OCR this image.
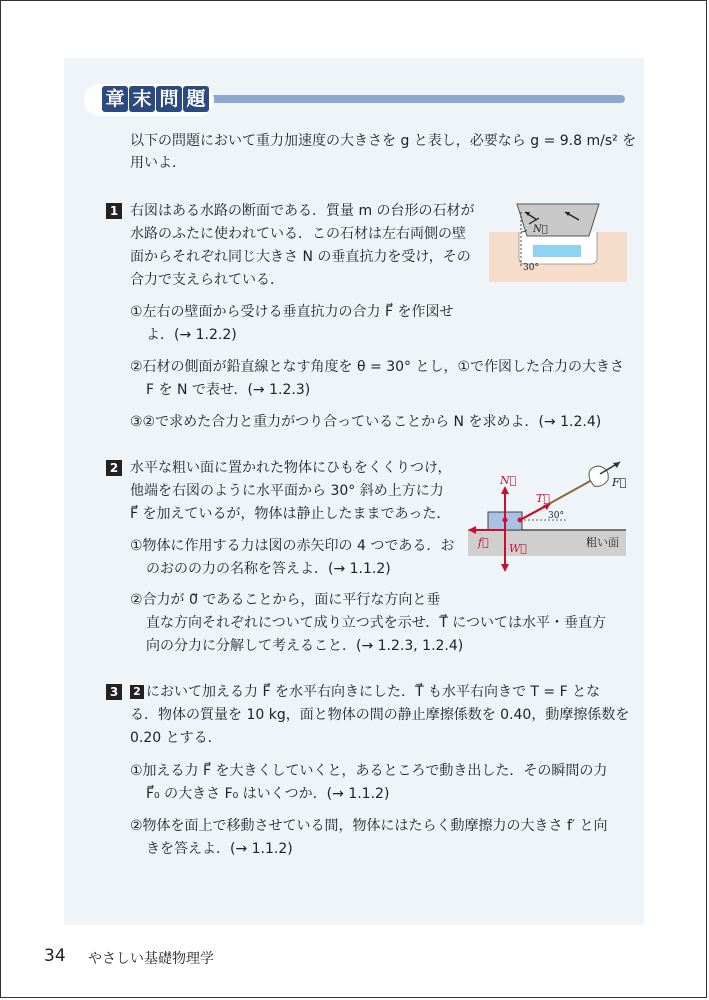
章 末 問 題
以下の問題において重力加速度の大きさを g と表し，必要なら g = 9.8 m/s² を
用いよ．
1 右図はある水路の断面である．質量 m の台形の石材が
水路のふたに使われている．この石材は左右両側の壁
面からそれぞれ同じ大きさ N の垂直抗力を受け，その
合力で支えられている．
①左右の壁面から受ける垂直抗力の合力 F⃗ を作図せ
よ．(→ 1.2.2)
②石材の側面が鉛直線となす角度を θ = 30° とし，①で作図した合力の大きさ
F を N で表せ．(→ 1.2.3)
③②で求めた合力と重力がつり合っていることから N を求めよ．(→ 1.2.4)
N⃗
30°
2 水平な粗い面に置かれた物体にひもをくくりつけ，
他端を右図のように水平面から 30° 斜め上方に力
F⃗ を加えているが，物体は静止したままであった．
①物体に作用する力は図の赤矢印の 4 つである．お
のおのの力の名称を答えよ．(→ 1.1.2)
②合力が 0⃗ であることから，面に平行な方向と垂
直な方向それぞれについて成り立つ式を示せ．T⃗ については水平・垂直方
向の分力に分解して考えること．(→ 1.2.3, 1.2.4)
粗い面
F⃗
T⃗
30°
N⃗
W⃗
f⃗
3	2 において加える力 F⃗ を水平右向きにした．T⃗ も水平右向きで T = F とな
る．物体の質量を 10 kg，面と物体の間の静止摩擦係数を 0.40，動摩擦係数を
0.20 とする．
①加える力 F⃗ を大きくしていくと，あるところで動き出した．その瞬間の力
F⃗₀ の大きさ F₀ はいくつか．(→ 1.1.2)
②物体を面上で移動させている間，物体にはたらく動摩擦力の大きさ f′ と向
きを答えよ．(→ 1.1.2)
34 やさしい基礎物理学
